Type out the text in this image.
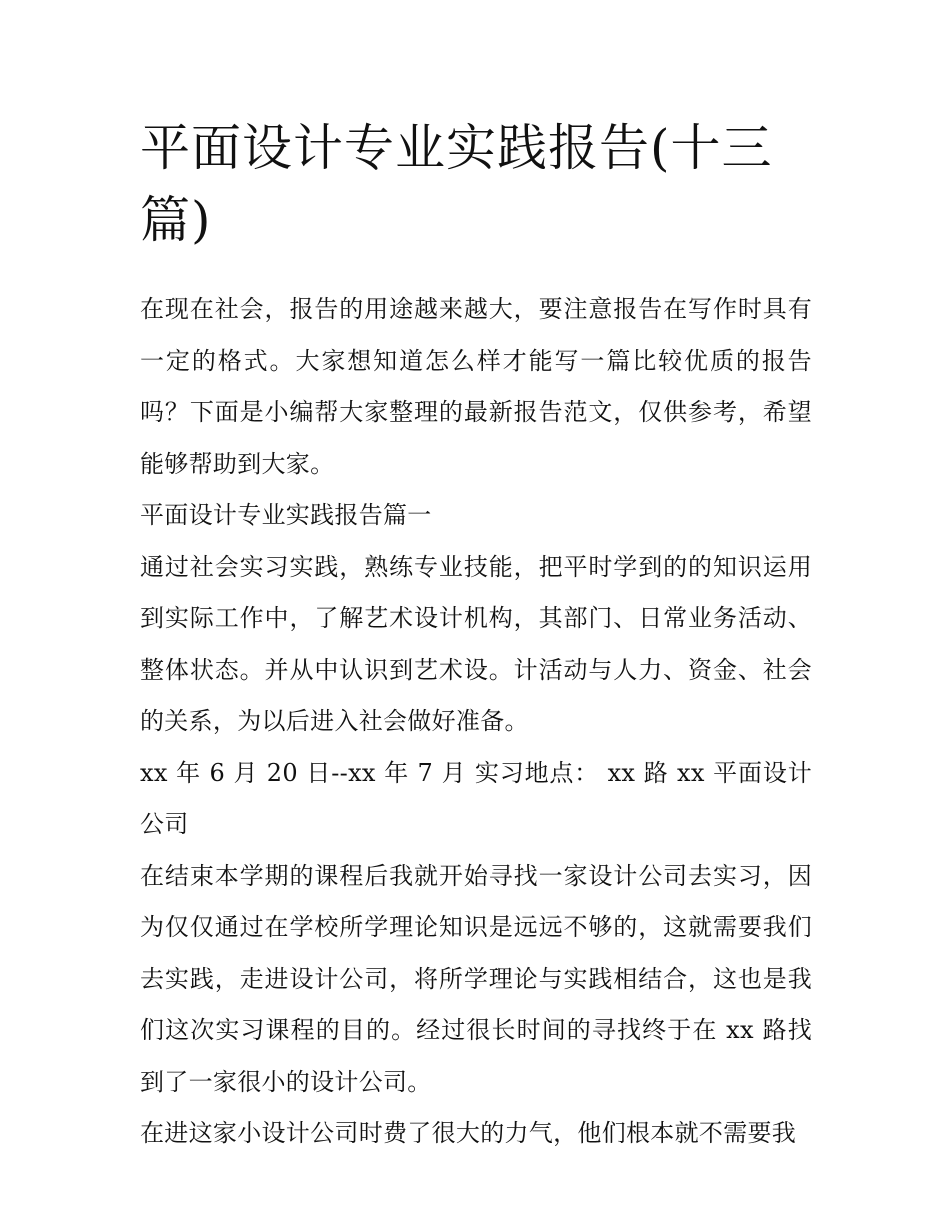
平面设计专业实践报告(十三篇)

在现在社会，报告的用途越来越大，要注意报告在写作时具有一定的格式。大家想知道怎么样才能写一篇比较优质的报告吗？下面是小编帮大家整理的最新报告范文，仅供参考，希望能够帮助到大家。

平面设计专业实践报告篇一

通过社会实习实践，熟练专业技能，把平时学到的的知识运用到实际工作中，了解艺术设计机构，其部门、日常业务活动、整体状态。并从中认识到艺术设。计活动与人力、资金、社会的关系，为以后进入社会做好准备。

xx 年 6 月 20 日--xx 年 7 月 实习地点： xx 路 xx 平面设计公司

在结束本学期的课程后我就开始寻找一家设计公司去实习，因为仅仅通过在学校所学理论知识是远远不够的，这就需要我们去实践，走进设计公司，将所学理论与实践相结合，这也是我们这次实习课程的目的。经过很长时间的寻找终于在 xx 路找到了一家很小的设计公司。

在进这家小设计公司时费了很大的力气，他们根本就不需要我
